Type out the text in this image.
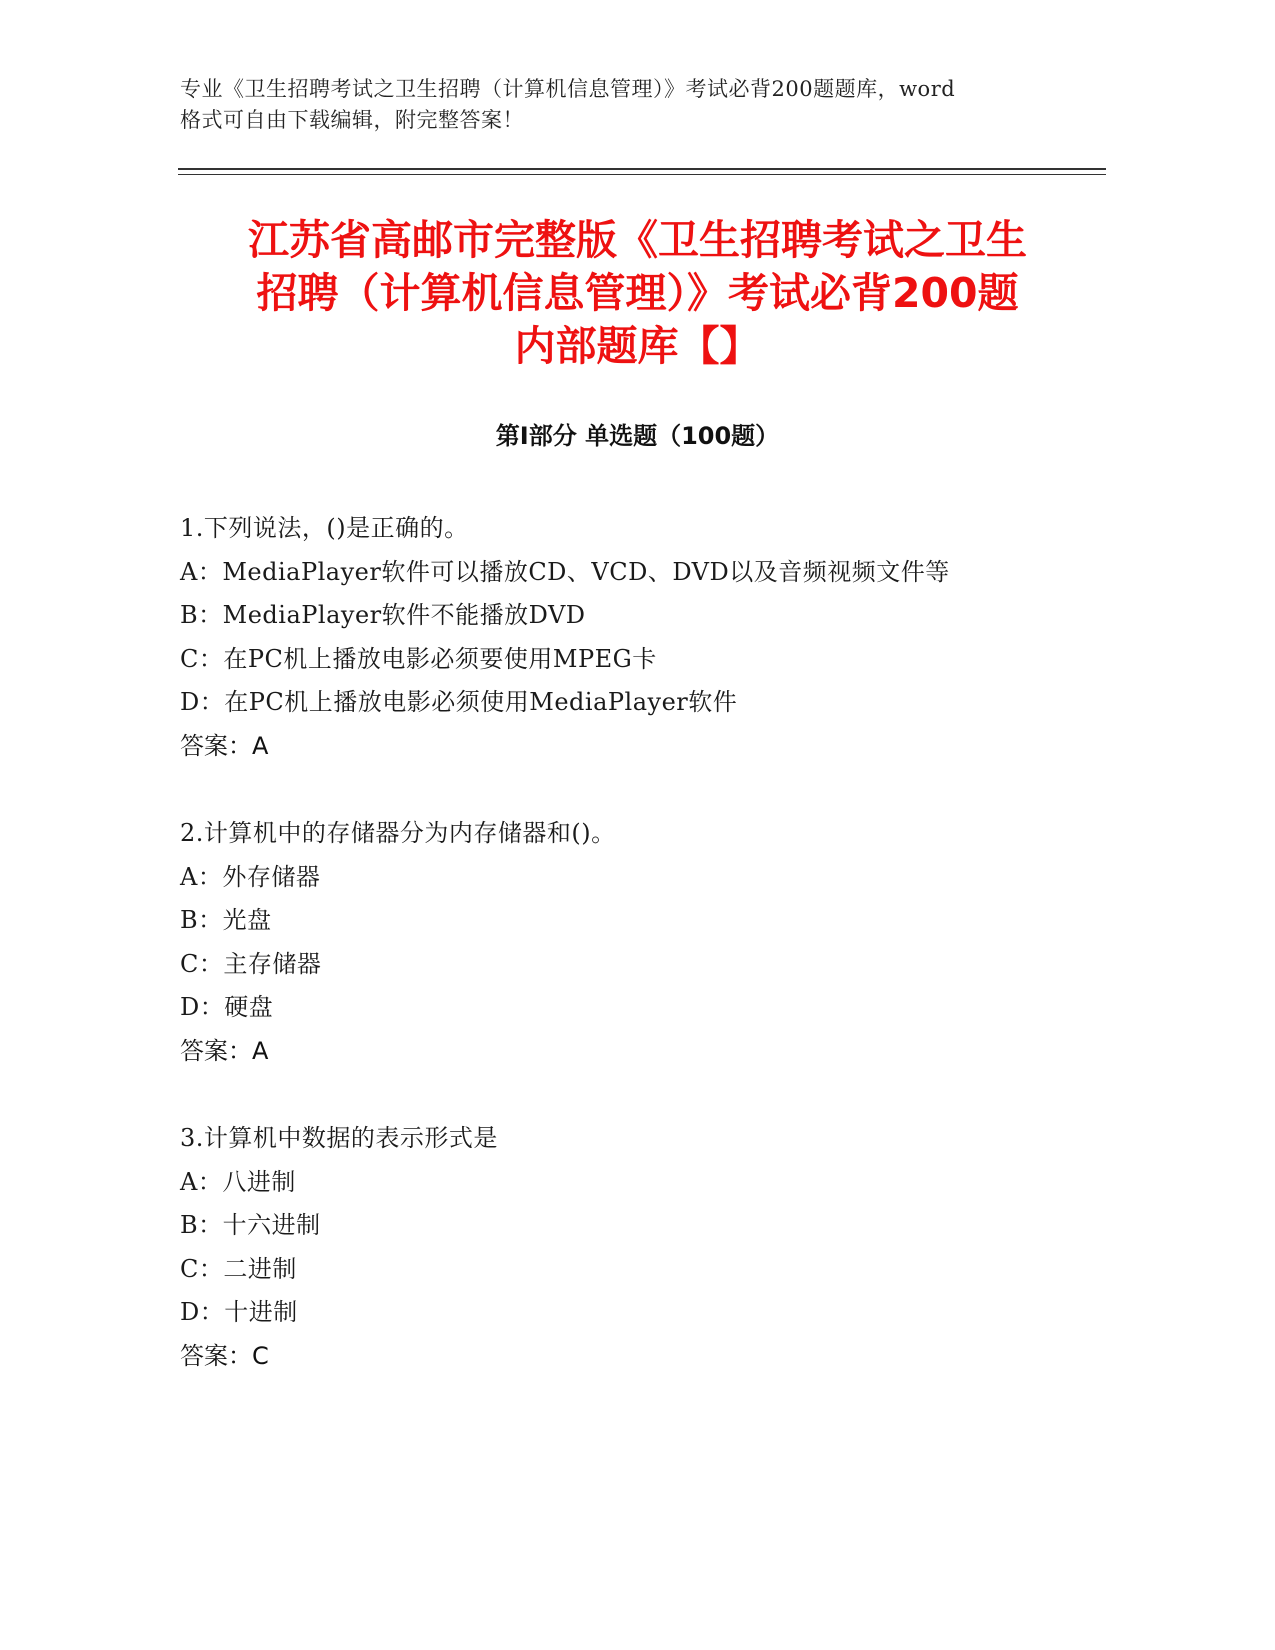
专业《卫生招聘考试之卫生招聘（计算机信息管理）》考试必背200题题库，word
格式可自由下载编辑，附完整答案！
江苏省高邮市完整版《卫生招聘考试之卫生
招聘（计算机信息管理）》考试必背200题
内部题库【】
第I部分 单选题（100题）
1.下列说法，()是正确的。
A：MediaPlayer软件可以播放CD、VCD、DVD以及音频视频文件等
B：MediaPlayer软件不能播放DVD
C：在PC机上播放电影必须要使用MPEG卡
D：在PC机上播放电影必须使用MediaPlayer软件
答案：A
2.计算机中的存储器分为内存储器和()。
A：外存储器
B：光盘
C：主存储器
D：硬盘
答案：A
3.计算机中数据的表示形式是
A：八进制
B：十六进制
C：二进制
D：十进制
答案：C
